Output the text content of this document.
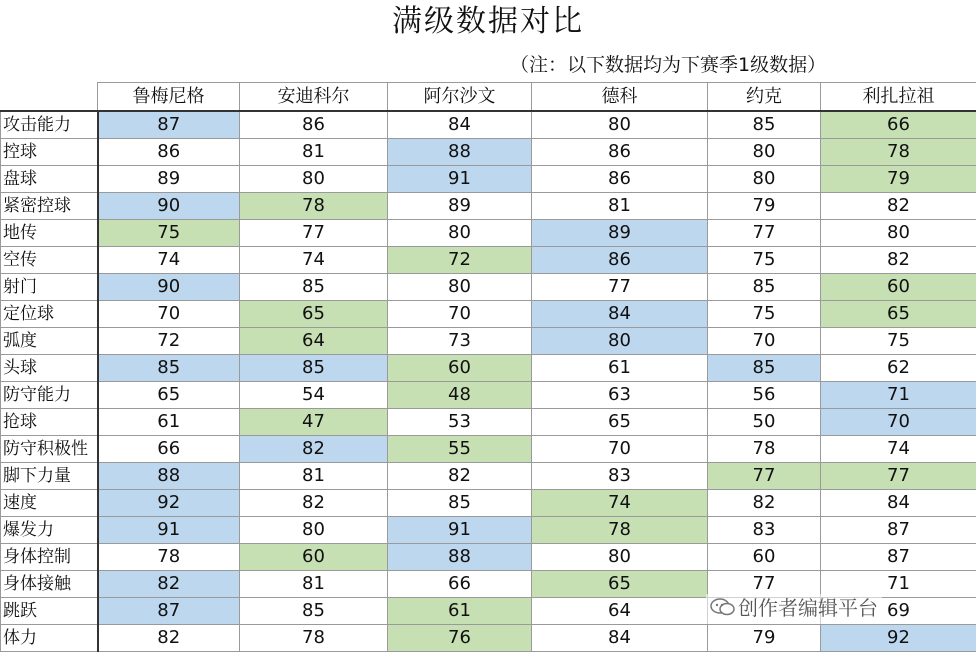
满级数据对比
（注：以下数据均为下赛季1级数据）
	鲁梅尼格	安迪科尔	阿尔沙文	德科	约克	利扎拉祖
攻击能力	87	86	84	80	85	66
控球	86	81	88	86	80	78
盘球	89	80	91	86	80	79
紧密控球	90	78	89	81	79	82
地传	75	77	80	89	77	80
空传	74	74	72	86	75	82
射门	90	85	80	77	85	60
定位球	70	65	70	84	75	65
弧度	72	64	73	80	70	75
头球	85	85	60	61	85	62
防守能力	65	54	48	63	56	71
抢球	61	47	53	65	50	70
防守积极性	66	82	55	70	78	74
脚下力量	88	81	82	83	77	77
速度	92	82	85	74	82	84
爆发力	91	80	91	78	83	87
身体控制	78	60	88	80	60	87
身体接触	82	81	66	65	77	71
跳跃	87	85	61	64		69
体力	82	78	76	84	79	92
创作者编辑平台
